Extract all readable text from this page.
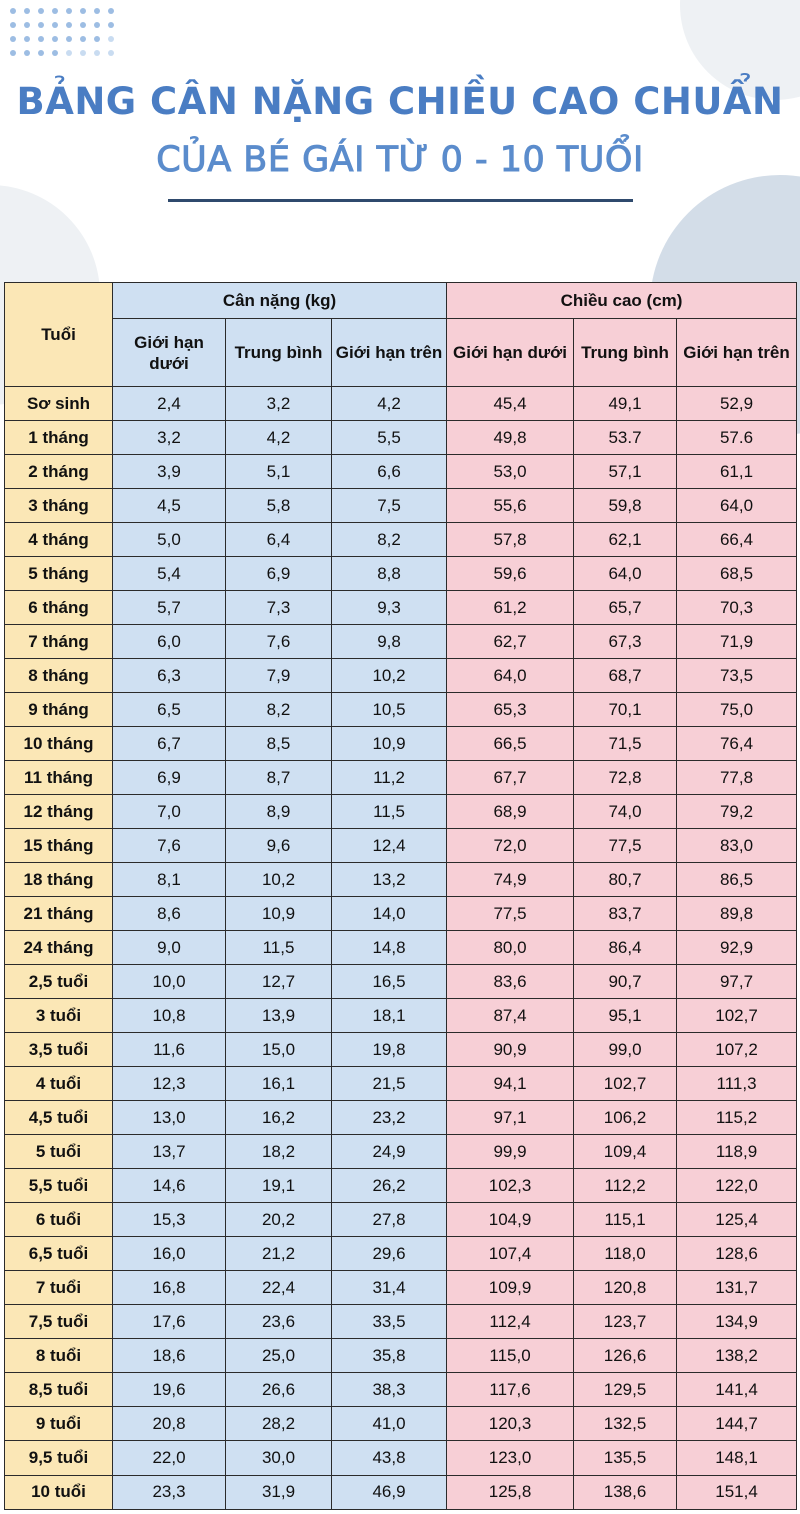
BẢNG CÂN NẶNG CHIỀU CAO CHUẨN
CỦA BÉ GÁI TỪ 0 - 10 TUỔI
Tuổi	Cân nặng (kg)			Chiều cao (cm)		
	Giới hạn dưới	Trung bình	Giới hạn trên	Giới hạn dưới	Trung bình	Giới hạn trên
Sơ sinh	2,4	3,2	4,2	45,4	49,1	52,9
1 tháng	3,2	4,2	5,5	49,8	53.7	57.6
2 tháng	3,9	5,1	6,6	53,0	57,1	61,1
3 tháng	4,5	5,8	7,5	55,6	59,8	64,0
4 tháng	5,0	6,4	8,2	57,8	62,1	66,4
5 tháng	5,4	6,9	8,8	59,6	64,0	68,5
6 tháng	5,7	7,3	9,3	61,2	65,7	70,3
7 tháng	6,0	7,6	9,8	62,7	67,3	71,9
8 tháng	6,3	7,9	10,2	64,0	68,7	73,5
9 tháng	6,5	8,2	10,5	65,3	70,1	75,0
10 tháng	6,7	8,5	10,9	66,5	71,5	76,4
11 tháng	6,9	8,7	11,2	67,7	72,8	77,8
12 tháng	7,0	8,9	11,5	68,9	74,0	79,2
15 tháng	7,6	9,6	12,4	72,0	77,5	83,0
18 tháng	8,1	10,2	13,2	74,9	80,7	86,5
21 tháng	8,6	10,9	14,0	77,5	83,7	89,8
24 tháng	9,0	11,5	14,8	80,0	86,4	92,9
2,5 tuổi	10,0	12,7	16,5	83,6	90,7	97,7
3 tuổi	10,8	13,9	18,1	87,4	95,1	102,7
3,5 tuổi	11,6	15,0	19,8	90,9	99,0	107,2
4 tuổi	12,3	16,1	21,5	94,1	102,7	111,3
4,5 tuổi	13,0	16,2	23,2	97,1	106,2	115,2
5 tuổi	13,7	18,2	24,9	99,9	109,4	118,9
5,5 tuổi	14,6	19,1	26,2	102,3	112,2	122,0
6 tuổi	15,3	20,2	27,8	104,9	115,1	125,4
6,5 tuổi	16,0	21,2	29,6	107,4	118,0	128,6
7 tuổi	16,8	22,4	31,4	109,9	120,8	131,7
7,5 tuổi	17,6	23,6	33,5	112,4	123,7	134,9
8 tuổi	18,6	25,0	35,8	115,0	126,6	138,2
8,5 tuổi	19,6	26,6	38,3	117,6	129,5	141,4
9 tuổi	20,8	28,2	41,0	120,3	132,5	144,7
9,5 tuổi	22,0	30,0	43,8	123,0	135,5	148,1
10 tuổi	23,3	31,9	46,9	125,8	138,6	151,4
